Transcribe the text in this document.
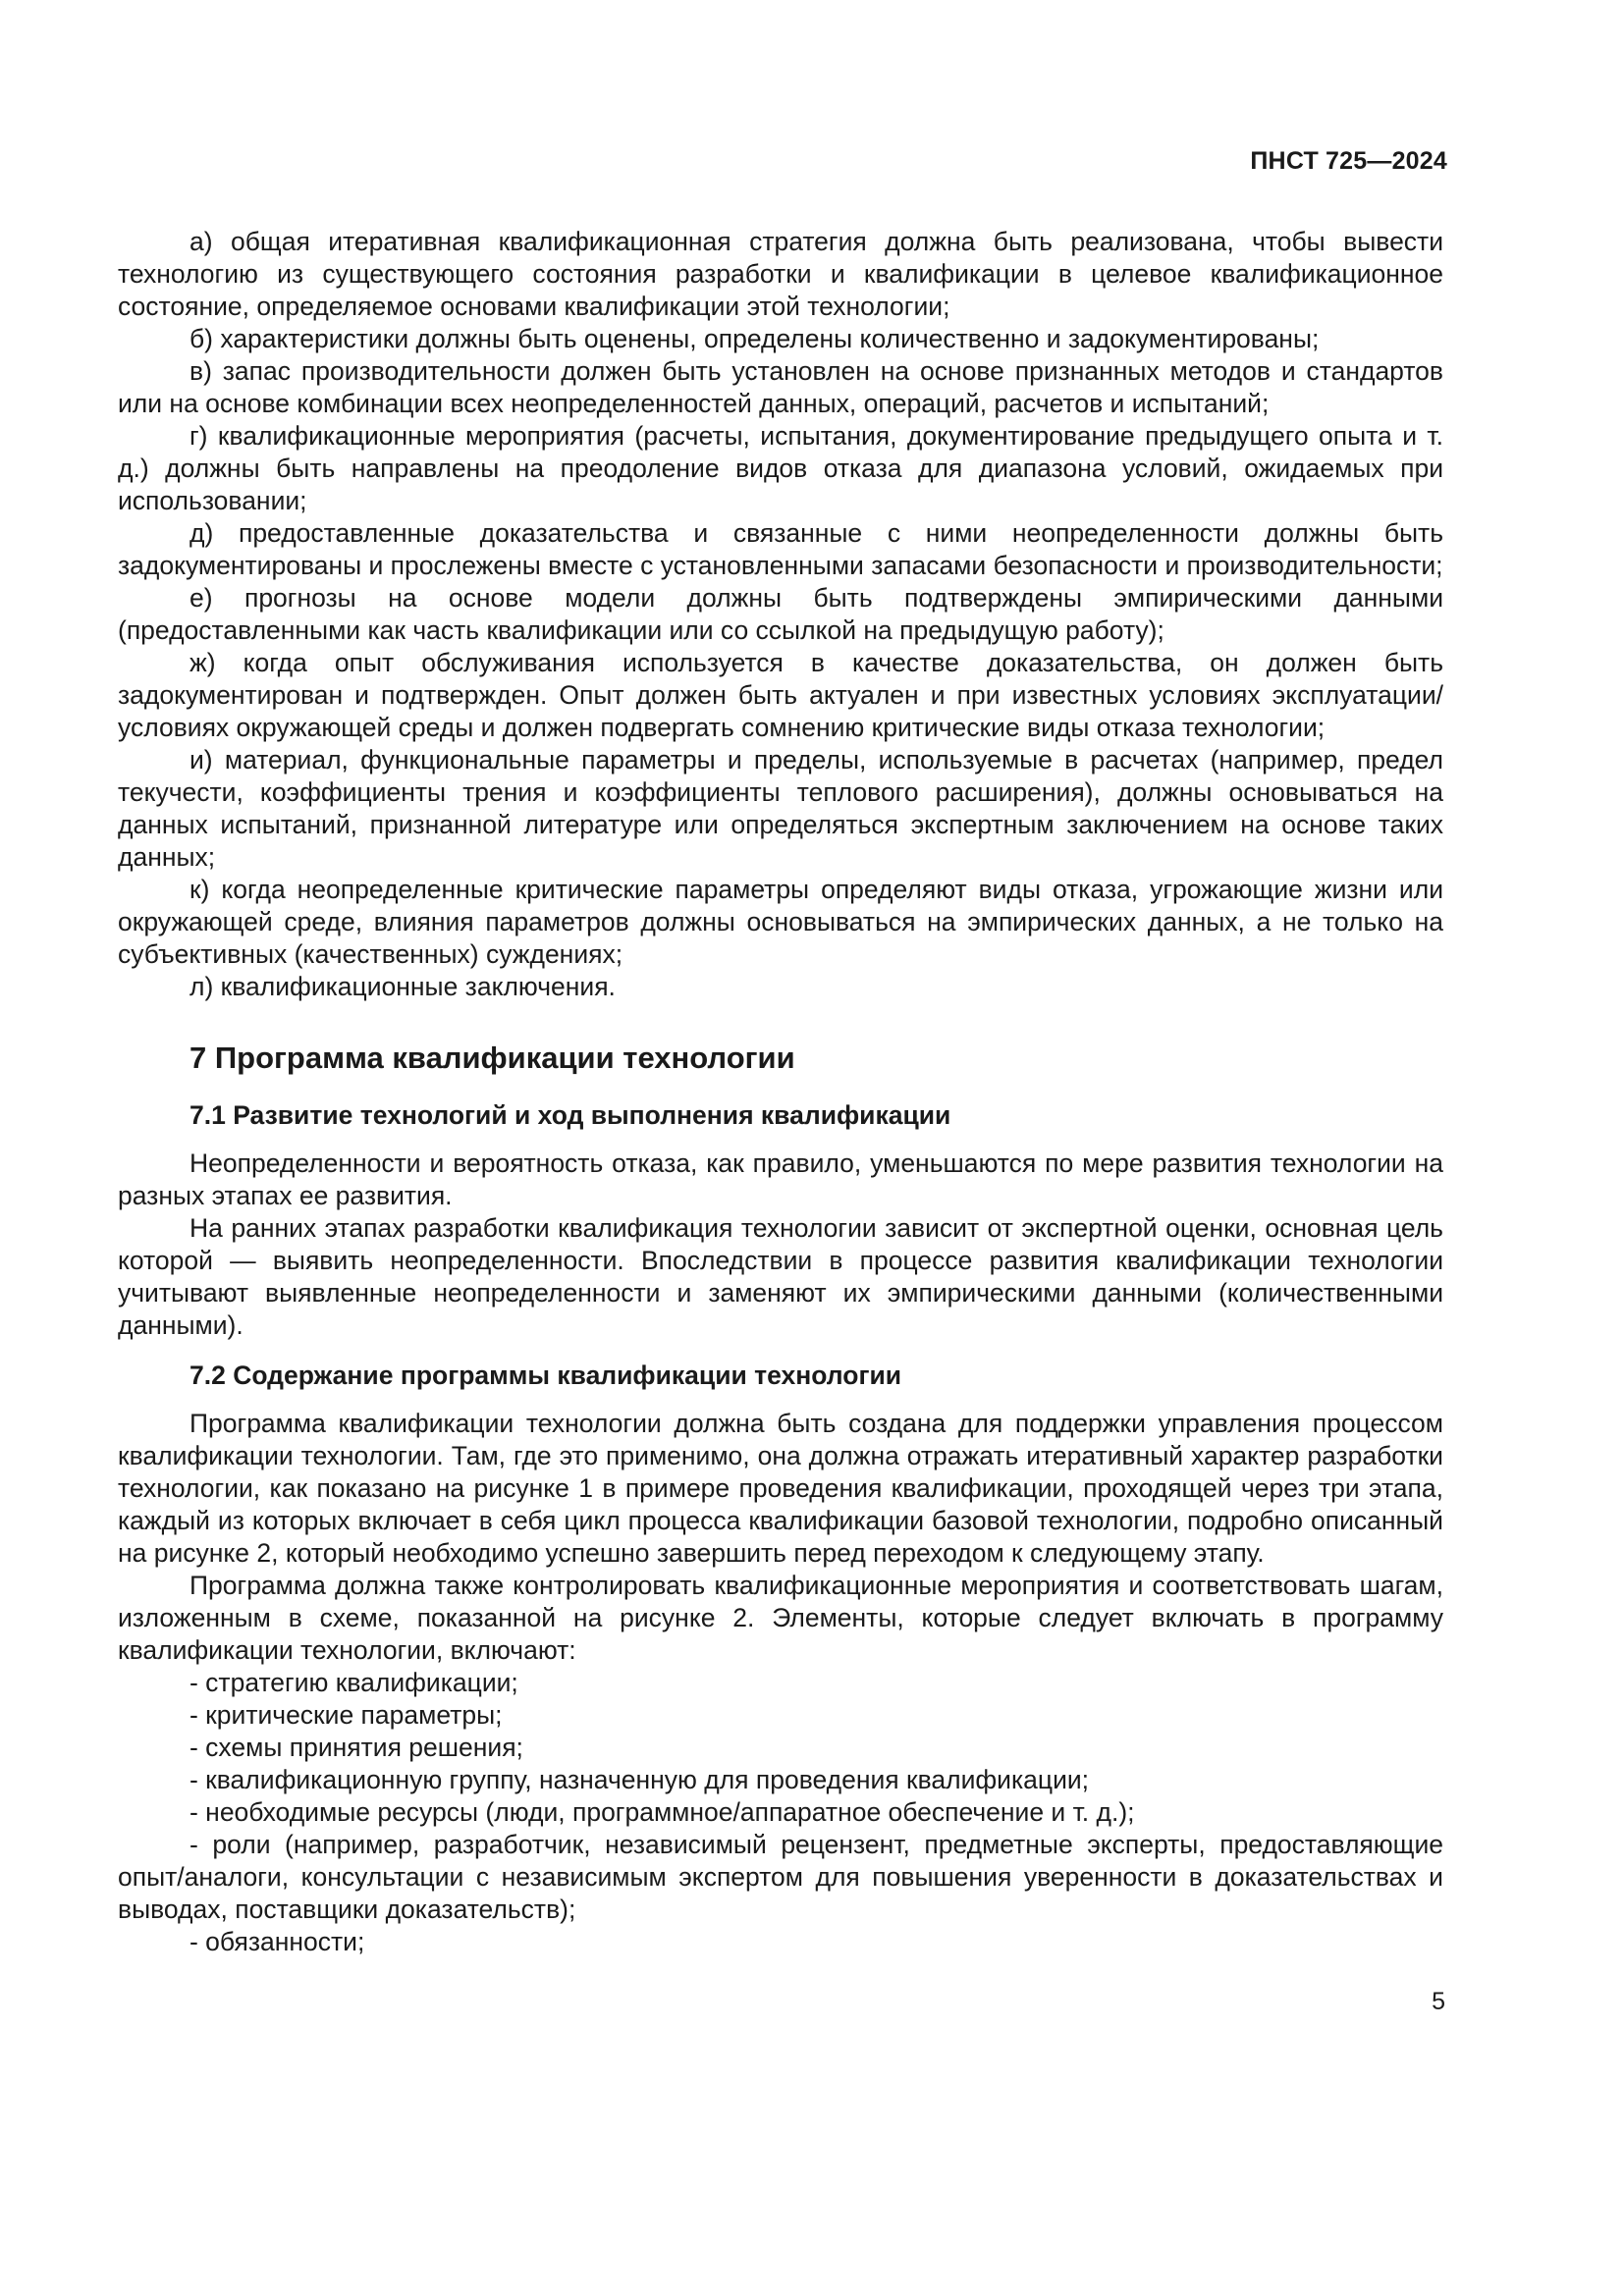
ПНСТ 725—2024

а) общая итеративная квалификационная стратегия должна быть реализована, чтобы вывести технологию из существующего состояния разработки и квалификации в целевое квалификационное состояние, определяемое основами квалификации этой технологии;

б) характеристики должны быть оценены, определены количественно и задокументированы;

в) запас производительности должен быть установлен на основе признанных методов и стандартов или на основе комбинации всех неопределенностей данных, операций, расчетов и испытаний;

г) квалификационные мероприятия (расчеты, испытания, документирование предыдущего опыта и т. д.) должны быть направлены на преодоление видов отказа для диапазона условий, ожидаемых при использовании;

д) предоставленные доказательства и связанные с ними неопределенности должны быть задокументированы и прослежены вместе с установленными запасами безопасности и производительности;

е) прогнозы на основе модели должны быть подтверждены эмпирическими данными (предоставленными как часть квалификации или со ссылкой на предыдущую работу);

ж) когда опыт обслуживания используется в качестве доказательства, он должен быть задокументирован и подтвержден. Опыт должен быть актуален и при известных условиях эксплуатации/условиях окружающей среды и должен подвергать сомнению критические виды отказа технологии;

и) материал, функциональные параметры и пределы, используемые в расчетах (например, предел текучести, коэффициенты трения и коэффициенты теплового расширения), должны основываться на данных испытаний, признанной литературе или определяться экспертным заключением на основе таких данных;

к) когда неопределенные критические параметры определяют виды отказа, угрожающие жизни или окружающей среде, влияния параметров должны основываться на эмпирических данных, а не только на субъективных (качественных) суждениях;

л) квалификационные заключения.

7 Программа квалификации технологии

7.1 Развитие технологий и ход выполнения квалификации

Неопределенности и вероятность отказа, как правило, уменьшаются по мере развития технологии на разных этапах ее развития.

На ранних этапах разработки квалификация технологии зависит от экспертной оценки, основная цель которой — выявить неопределенности. Впоследствии в процессе развития квалификации технологии учитывают выявленные неопределенности и заменяют их эмпирическими данными (количественными данными).

7.2 Содержание программы квалификации технологии

Программа квалификации технологии должна быть создана для поддержки управления процессом квалификации технологии. Там, где это применимо, она должна отражать итеративный характер разработки технологии, как показано на рисунке 1 в примере проведения квалификации, проходящей через три этапа, каждый из которых включает в себя цикл процесса квалификации базовой технологии, подробно описанный на рисунке 2, который необходимо успешно завершить перед переходом к следующему этапу.

Программа должна также контролировать квалификационные мероприятия и соответствовать шагам, изложенным в схеме, показанной на рисунке 2. Элементы, которые следует включать в программу квалификации технологии, включают:

- стратегию квалификации;

- критические параметры;

- схемы принятия решения;

- квалификационную группу, назначенную для проведения квалификации;

- необходимые ресурсы (люди, программное/аппаратное обеспечение и т. д.);

- роли (например, разработчик, независимый рецензент, предметные эксперты, предоставляющие опыт/аналоги, консультации с независимым экспертом для повышения уверенности в доказательствах и выводах, поставщики доказательств);

- обязанности;

5
